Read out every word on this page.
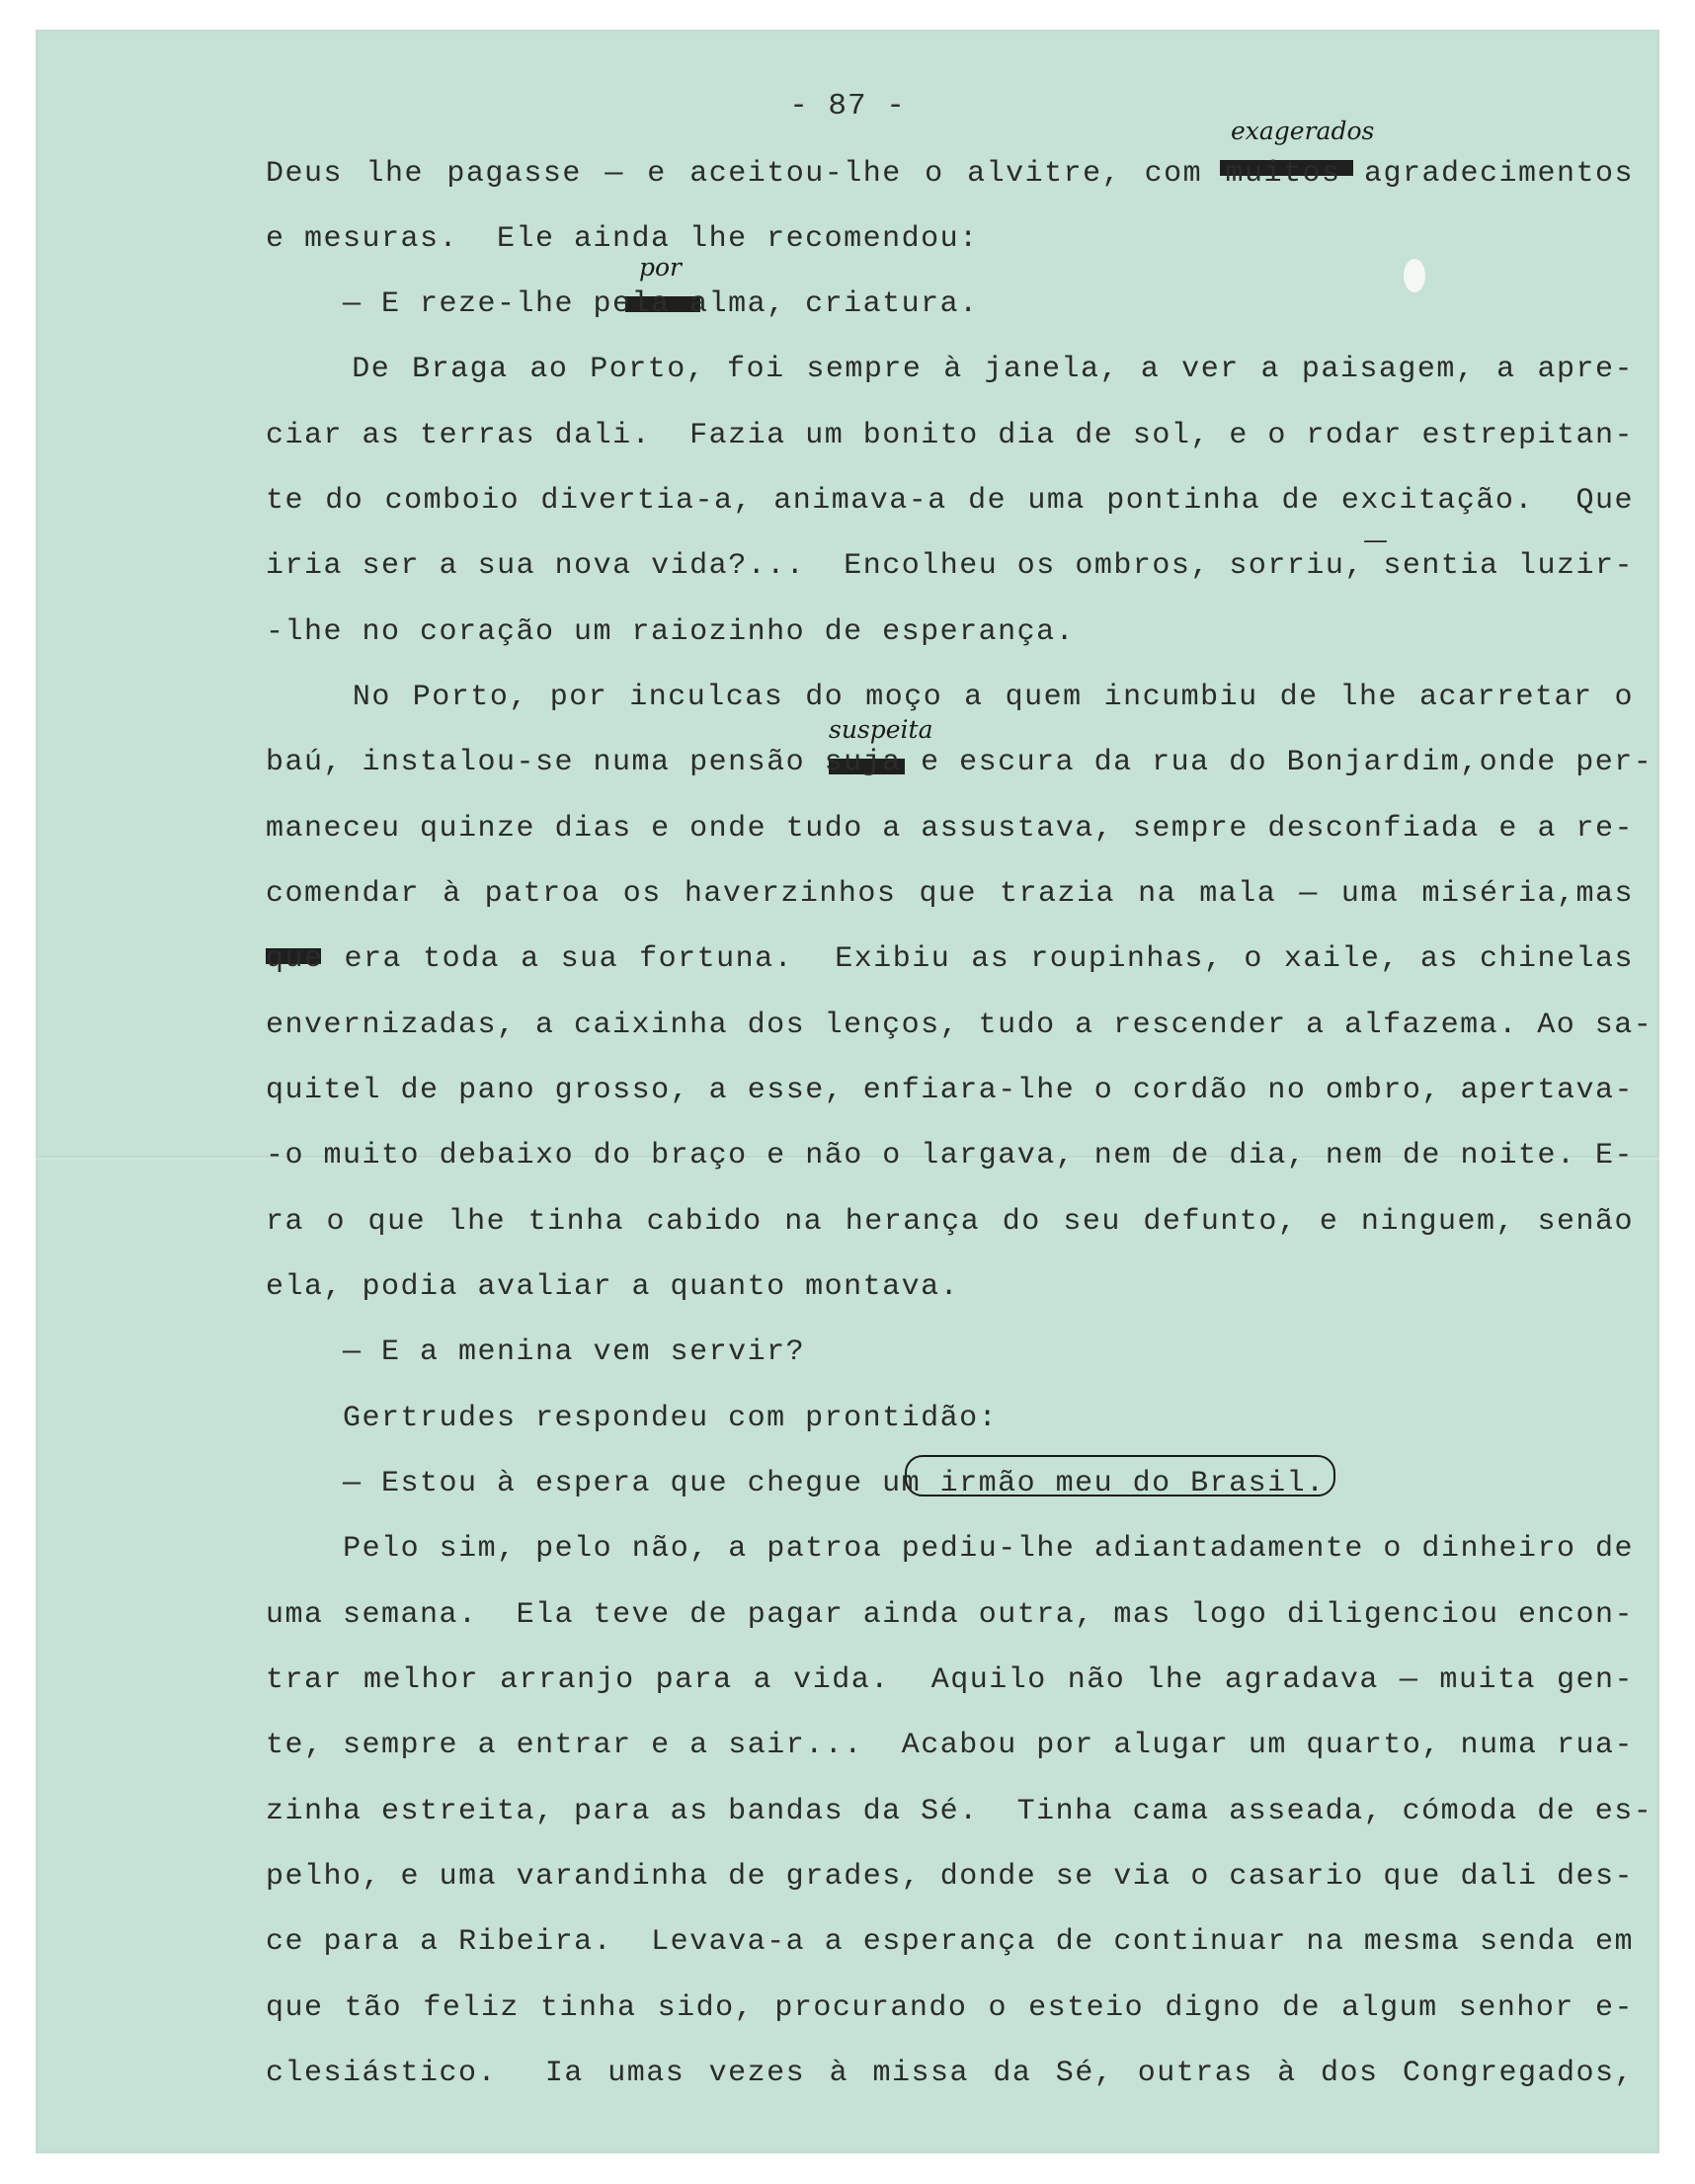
- 87 -
exagerados
por
—
suspeita
Deus lhe pagasse — e aceitou-lhe o alvitre, com muitos agradecimentos
e mesuras.  Ele ainda lhe recomendou:
— E reze-lhe pela alma, criatura.
De Braga ao Porto, foi sempre à janela, a ver a paisagem, a apre-
ciar as terras dali.  Fazia um bonito dia de sol, e o rodar estrepitan-
te do comboio divertia-a, animava-a de uma pontinha de excitação.  Que
iria ser a sua nova vida?...  Encolheu os ombros, sorriu, sentia luzir-
-lhe no coração um raiozinho de esperança.
No Porto, por inculcas do moço a quem incumbiu de lhe acarretar o
baú, instalou-se numa pensão suja e escura da rua do Bonjardim,onde per-
maneceu quinze dias e onde tudo a assustava, sempre desconfiada e a re-
comendar à patroa os haverzinhos que trazia na mala — uma miséria,mas
que era toda a sua fortuna.  Exibiu as roupinhas, o xaile, as chinelas
envernizadas, a caixinha dos lenços, tudo a rescender a alfazema. Ao sa-
quitel de pano grosso, a esse, enfiara-lhe o cordão no ombro, apertava-
-o muito debaixo do braço e não o largava, nem de dia, nem de noite. E-
ra o que lhe tinha cabido na herança do seu defunto, e ninguem, senão
ela, podia avaliar a quanto montava.
— E a menina vem servir?
Gertrudes respondeu com prontidão:
— Estou à espera que chegue um irmão meu do Brasil.
Pelo sim, pelo não, a patroa pediu-lhe adiantadamente o dinheiro de
uma semana.  Ela teve de pagar ainda outra, mas logo diligenciou encon-
trar melhor arranjo para a vida.  Aquilo não lhe agradava — muita gen-
te, sempre a entrar e a sair...  Acabou por alugar um quarto, numa rua-
zinha estreita, para as bandas da Sé.  Tinha cama asseada, cómoda de es-
pelho, e uma varandinha de grades, donde se via o casario que dali des-
ce para a Ribeira.  Levava-a a esperança de continuar na mesma senda em
que tão feliz tinha sido, procurando o esteio digno de algum senhor e-
clesiástico.  Ia umas vezes à missa da Sé, outras à dos Congregados,
